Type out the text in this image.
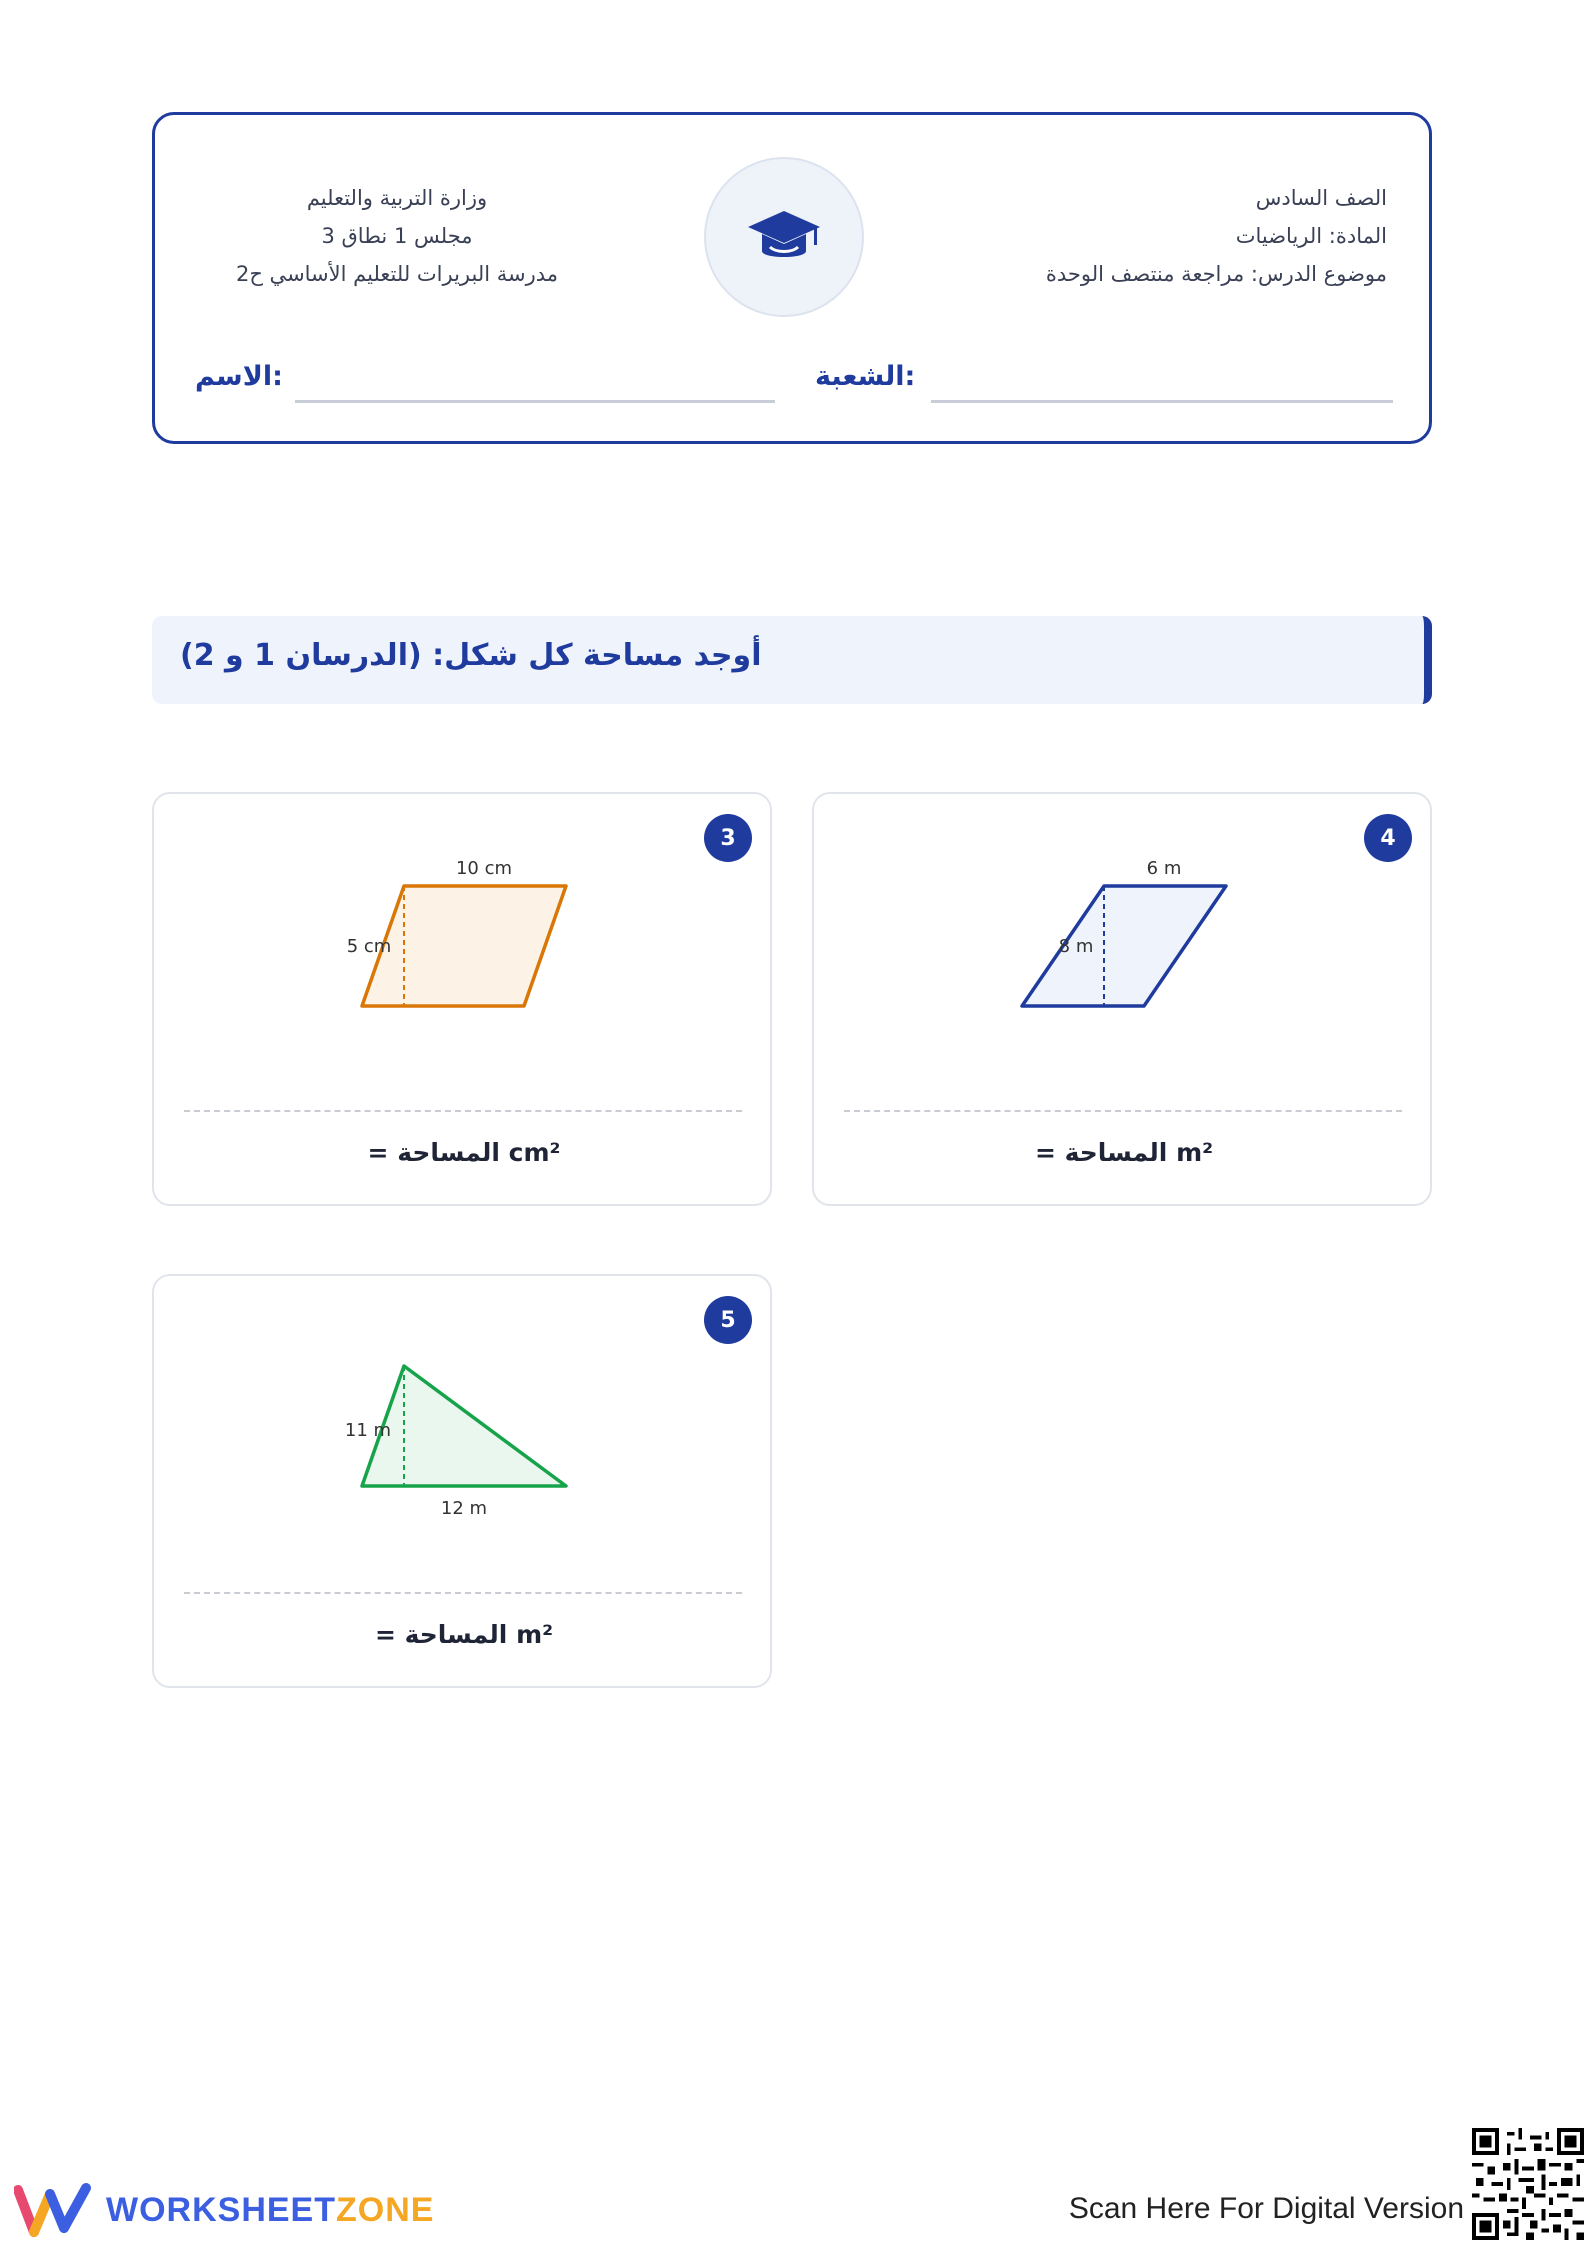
الصف السادس
المادة: الرياضيات
موضوع الدرس: مراجعة منتصف الوحدة
وزارة التربية والتعليم
مجلس 1 نطاق 3
مدرسة البريرات للتعليم الأساسي ح2
:الشعبة
:الاسم
أوجد مساحة كل شكل: (الدرسان 1 و 2)
3
10 cm
5 cm
= المساحة cm²
4
6 m
8 m
= المساحة m²
5
11 m
12 m
= المساحة m²
WORKSHEETZONE	Scan Here For Digital Version
